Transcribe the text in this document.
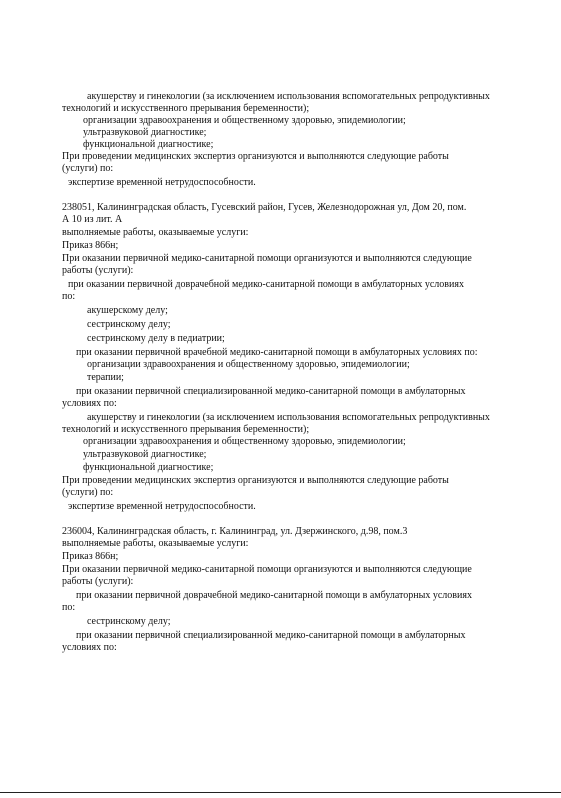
акушерству и гинекологии (за исключением использования вспомогательных репродуктивных
технологий и искусственного прерывания беременности);
организации здравоохранения и общественному здоровью, эпидемиологии;
ультразвуковой диагностике;
функциональной диагностике;
При проведении медицинских экспертиз организуются и выполняются следующие работы
(услуги) по:
экспертизе временной нетрудоспособности.
238051, Калининградская область, Гусевский район, Гусев, Железнодорожная ул, Дом 20, пом.
А 10 из лит. А
выполняемые работы, оказываемые услуги:
Приказ 866н;
При оказании первичной медико-санитарной помощи организуются и выполняются следующие
работы (услуги):
при оказании первичной доврачебной медико-санитарной помощи в амбулаторных условиях
по:
акушерскому делу;
сестринскому делу;
сестринскому делу в педиатрии;
при оказании первичной врачебной медико-санитарной помощи в амбулаторных условиях по:
организации здравоохранения и общественному здоровью, эпидемиологии;
терапии;
при оказании первичной специализированной медико-санитарной помощи в амбулаторных
условиях по:
акушерству и гинекологии (за исключением использования вспомогательных репродуктивных
технологий и искусственного прерывания беременности);
организации здравоохранения и общественному здоровью, эпидемиологии;
ультразвуковой диагностике;
функциональной диагностике;
При проведении медицинских экспертиз организуются и выполняются следующие работы
(услуги) по:
экспертизе временной нетрудоспособности.
236004, Калининградская область, г. Калининград, ул. Дзержинского, д.98, пом.3
выполняемые работы, оказываемые услуги:
Приказ 866н;
При оказании первичной медико-санитарной помощи организуются и выполняются следующие
работы (услуги):
при оказании первичной доврачебной медико-санитарной помощи в амбулаторных условиях
по:
сестринскому делу;
при оказании первичной специализированной медико-санитарной помощи в амбулаторных
условиях по:
